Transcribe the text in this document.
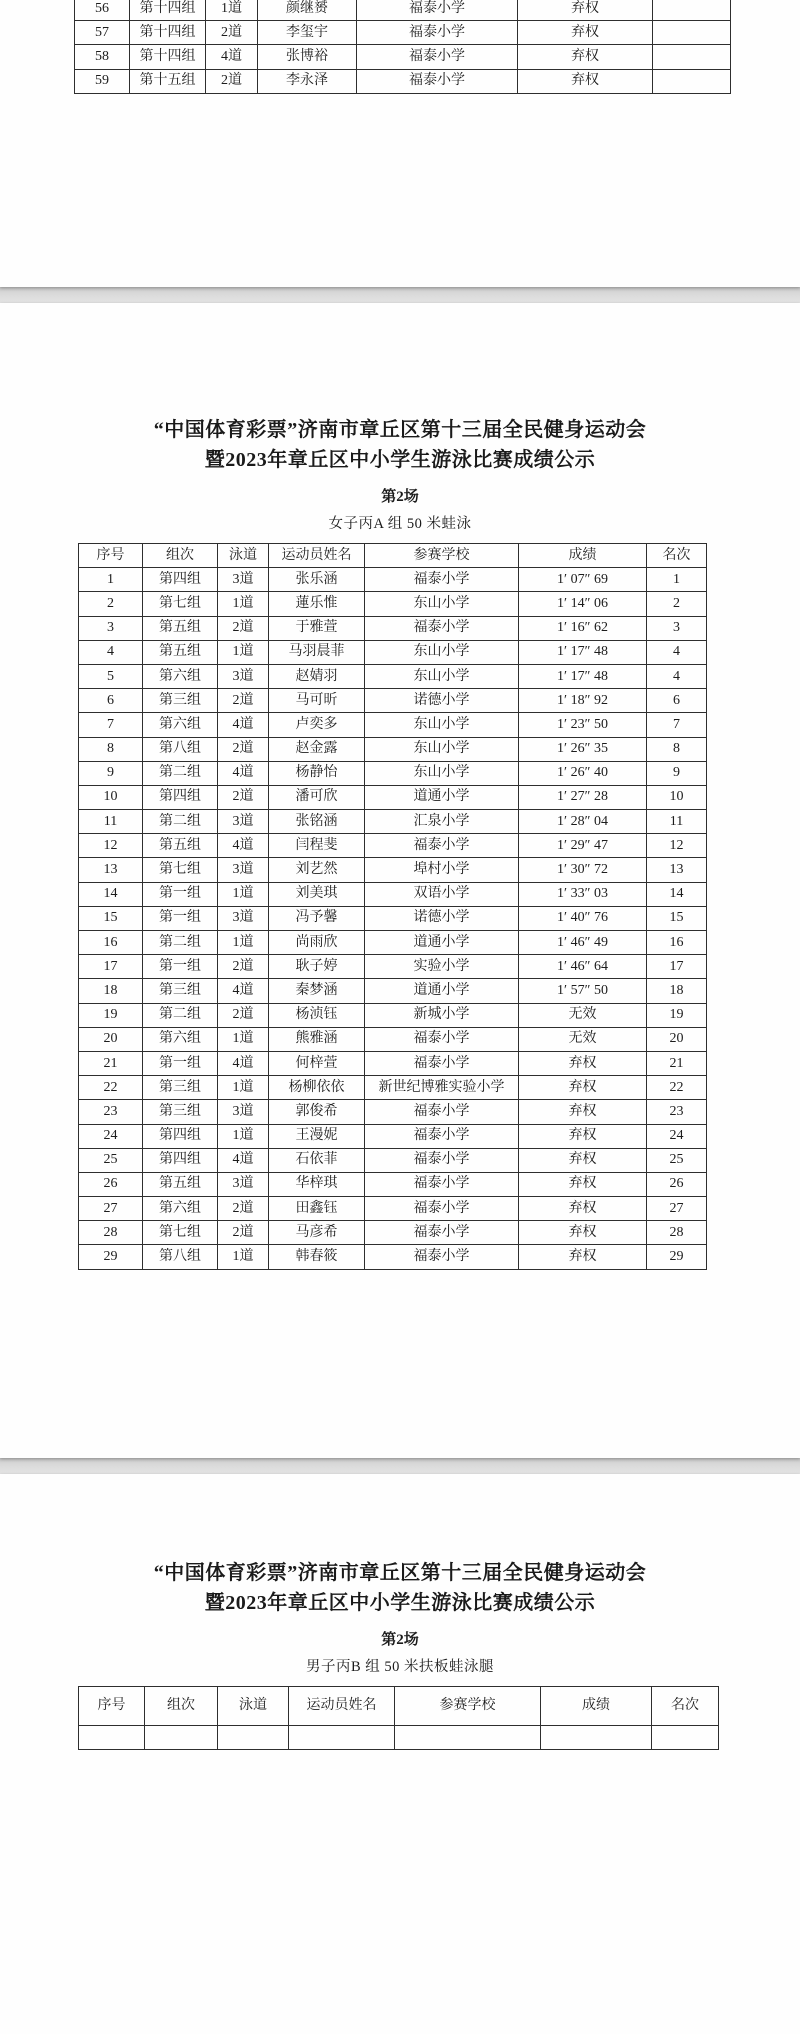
56	第十四组	1道	颜继赟	福泰小学	弃权	
57	第十四组	2道	李玺宇	福泰小学	弃权	
58	第十四组	4道	张博裕	福泰小学	弃权	
59	第十五组	2道	李永泽	福泰小学	弃权	
“中国体育彩票”济南市章丘区第十三届全民健身运动会
暨2023年章丘区中小学生游泳比赛成绩公示
第2场
女子丙A 组 50 米蛙泳
序号	组次	泳道	运动员姓名	参赛学校	成绩	名次
1	第四组	3道	张乐涵	福泰小学	1′ 07″ 69	1
2	第七组	1道	蓮乐惟	东山小学	1′ 14″ 06	2
3	第五组	2道	于雅萱	福泰小学	1′ 16″ 62	3
4	第五组	1道	马羽晨菲	东山小学	1′ 17″ 48	4
5	第六组	3道	赵婧羽	东山小学	1′ 17″ 48	4
6	第三组	2道	马可昕	诺德小学	1′ 18″ 92	6
7	第六组	4道	卢奕多	东山小学	1′ 23″ 50	7
8	第八组	2道	赵金露	东山小学	1′ 26″ 35	8
9	第二组	4道	杨静怡	东山小学	1′ 26″ 40	9
10	第四组	2道	潘可欣	道通小学	1′ 27″ 28	10
11	第二组	3道	张铭涵	汇泉小学	1′ 28″ 04	11
12	第五组	4道	闫程斐	福泰小学	1′ 29″ 47	12
13	第七组	3道	刘艺然	埠村小学	1′ 30″ 72	13
14	第一组	1道	刘美琪	双语小学	1′ 33″ 03	14
15	第一组	3道	冯予馨	诺德小学	1′ 40″ 76	15
16	第二组	1道	尚雨欣	道通小学	1′ 46″ 49	16
17	第一组	2道	耿子婷	实验小学	1′ 46″ 64	17
18	第三组	4道	秦梦涵	道通小学	1′ 57″ 50	18
19	第二组	2道	杨浈钰	新城小学	无效	19
20	第六组	1道	熊雅涵	福泰小学	无效	20
21	第一组	4道	何梓萱	福泰小学	弃权	21
22	第三组	1道	杨柳依依	新世纪博雅实验小学	弃权	22
23	第三组	3道	郭俊希	福泰小学	弃权	23
24	第四组	1道	王漫妮	福泰小学	弃权	24
25	第四组	4道	石依菲	福泰小学	弃权	25
26	第五组	3道	华梓琪	福泰小学	弃权	26
27	第六组	2道	田鑫钰	福泰小学	弃权	27
28	第七组	2道	马彦希	福泰小学	弃权	28
29	第八组	1道	韩春筱	福泰小学	弃权	29
“中国体育彩票”济南市章丘区第十三届全民健身运动会
暨2023年章丘区中小学生游泳比赛成绩公示
第2场
男子丙B 组 50 米扶板蛙泳腿
序号	组次	泳道	运动员姓名	参赛学校	成绩	名次
